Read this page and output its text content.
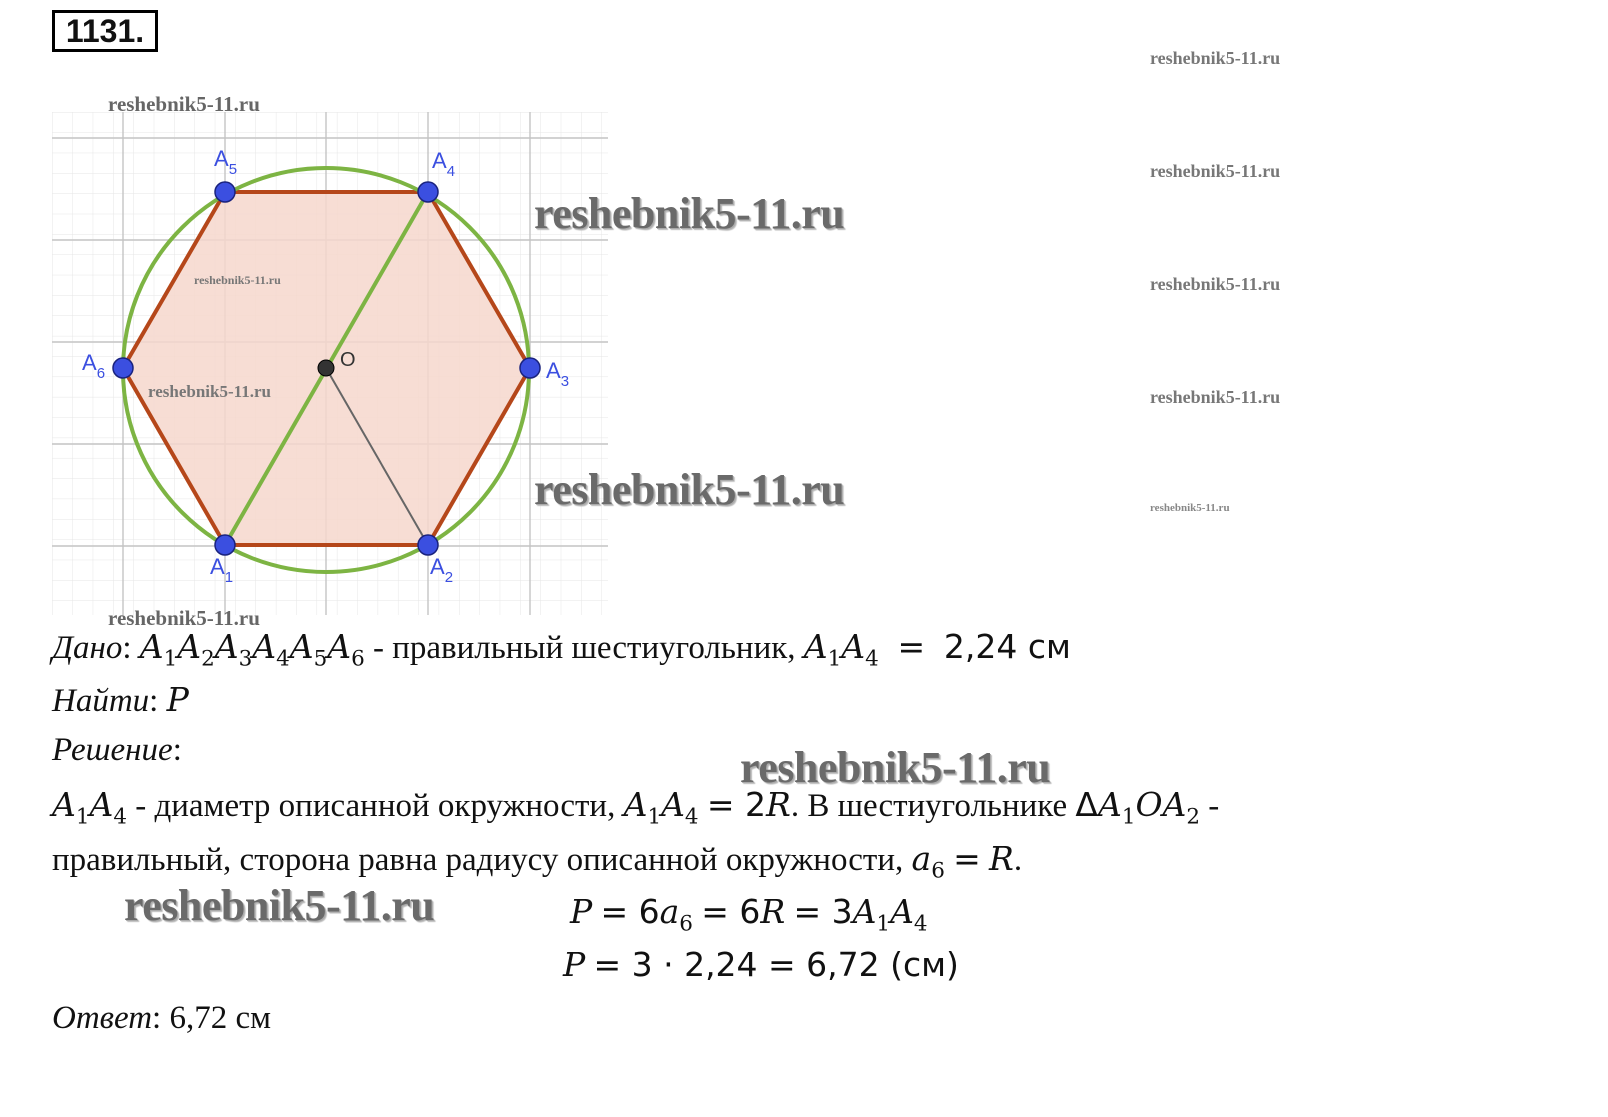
1131.
reshebnik5-11.ru
reshebnik5-11.ru
reshebnik5-11.ru
reshebnik5-11.ru
reshebnik5-11.ru
reshebnik5-11.ru
reshebnik5-11.ru
$A_1$	$A_2$
$A_3$
$A_4$
$A_5$
$A_6$
O
reshebnik5-11.ru
reshebnik5-11.ru
reshebnik5-11.ru
reshebnik5-11.ru
reshebnik5-11.ru
reshebnik5-11.ru
Дано: $A_1A_2A_3A_4A_5A_6$ - правильный шестиугольник, $A_1A_4 = 2,24$ см
Найти: P
Решение:
$A_1A_4$ - диаметр описанной окружности, $A_1A_4 = 2R$. В шестиугольнике $\Delta A_1OA_2$ -
правильный, сторона равна радиусу описанной окружности, $a_6 = R$.
$P = 6a_6 = 6R = 3A_1A_4$
P = 3 · 2,24 = 6,72 (см)
Ответ: 6,72 см
